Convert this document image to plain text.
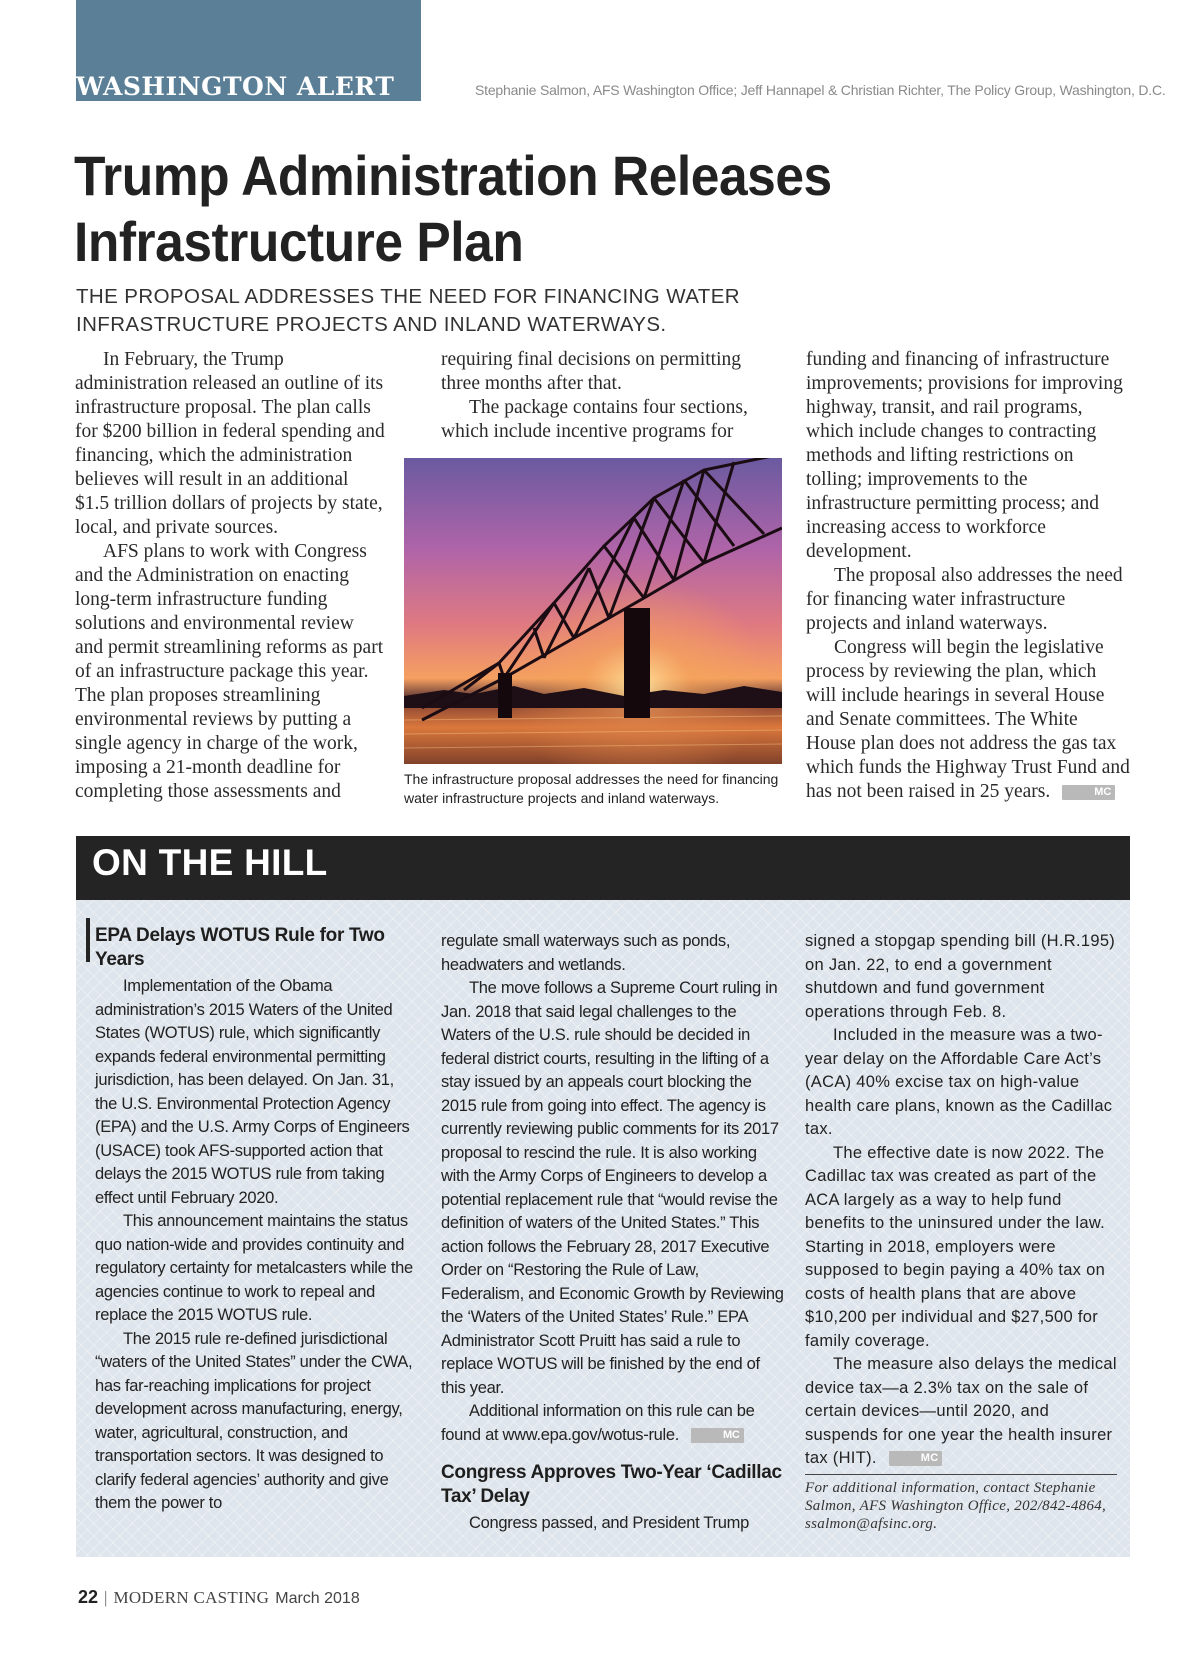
WASHINGTON ALERT	Stephanie Salmon, AFS Washington Office; Jeff Hannapel & Christian Richter, The Policy Group, Washington, D.C.
Trump Administration Releases Infrastructure Plan

THE PROPOSAL ADDRESSES THE NEED FOR FINANCING WATER INFRASTRUCTURE PROJECTS AND INLAND WATERWAYS.

In February, the Trump administration released an outline of its infrastructure proposal. The plan calls for $200 billion in federal spending and financing, which the administration believes will result in an additional $1.5 trillion dollars of projects by state, local, and private sources.

AFS plans to work with Congress and the Administration on enacting long-term infrastructure funding solutions and environmental review and permit streamlining reforms as part of an infrastructure package this year. The plan proposes streamlining environmental reviews by putting a single agency in charge of the work, imposing a 21-month deadline for completing those assessments and

requiring final decisions on permitting three months after that.

The package contains four sections, which include incentive programs for

The infrastructure proposal addresses the need for financing water infrastructure projects and inland waterways.

funding and financing of infrastructure improvements; provisions for improving highway, transit, and rail programs, which include changes to contracting methods and lifting restrictions on tolling; improvements to the infrastructure permitting process; and increasing access to workforce development.

The proposal also addresses the need for financing water infrastructure projects and inland waterways.

Congress will begin the legislative process by reviewing the plan, which will include hearings in several House and Senate committees. The White House plan does not address the gas tax which funds the Highway Trust Fund and has not been raised in 25 years.	MC

ON THE HILL
EPA Delays WOTUS Rule for Two Years

Implementation of the Obama administration’s 2015 Waters of the United States (WOTUS) rule, which significantly expands federal environmental permitting jurisdiction, has been delayed. On Jan. 31, the U.S. Environmental Protection Agency (EPA) and the U.S. Army Corps of Engineers (USACE) took AFS-supported action that delays the 2015 WOTUS rule from taking effect until February 2020.

This announcement maintains the status quo nation-wide and provides continuity and regulatory certainty for metalcasters while the agencies continue to work to repeal and replace the 2015 WOTUS rule.

The 2015 rule re-defined jurisdictional “waters of the United States” under the CWA, has far-reaching implications for project development across manufacturing, energy, water, agricultural, construction, and transportation sectors. It was designed to clarify federal agencies’ authority and give them the power to

regulate small waterways such as ponds, headwaters and wetlands.

The move follows a Supreme Court ruling in Jan. 2018 that said legal challenges to the Waters of the U.S. rule should be decided in federal district courts, resulting in the lifting of a stay issued by an appeals court blocking the 2015 rule from going into effect. The agency is currently reviewing public comments for its 2017 proposal to rescind the rule. It is also working with the Army Corps of Engineers to develop a potential replacement rule that “would revise the definition of waters of the United States.” This action follows the February 28, 2017 Executive Order on “Restoring the Rule of Law, Federalism, and Economic Growth by Reviewing the ‘Waters of the United States’ Rule.” EPA Administrator Scott Pruitt has said a rule to replace WOTUS will be finished by the end of this year.

Additional information on this rule can be found at www.epa.gov/wotus-rule.	MC

Congress Approves Two-Year ‘Cadillac Tax’ Delay

Congress passed, and President Trump

signed a stopgap spending bill (H.R.195) on Jan. 22, to end a government shutdown and fund government operations through Feb. 8.

Included in the measure was a two-year delay on the Affordable Care Act’s (ACA) 40% excise tax on high-value health care plans, known as the Cadillac tax.

The effective date is now 2022. The Cadillac tax was created as part of the ACA largely as a way to help fund benefits to the uninsured under the law. Starting in 2018, employers were supposed to begin paying a 40% tax on costs of health plans that are above $10,200 per individual and $27,500 for family coverage.

The measure also delays the medical device tax—a 2.3% tax on the sale of certain devices—until 2020, and suspends for one year the health insurer tax (HIT).	MC

For additional information, contact Stephanie Salmon, AFS Washington Office, 202/842-4864, ssalmon@afsinc.org.
22 | MODERN CASTING March 2018
